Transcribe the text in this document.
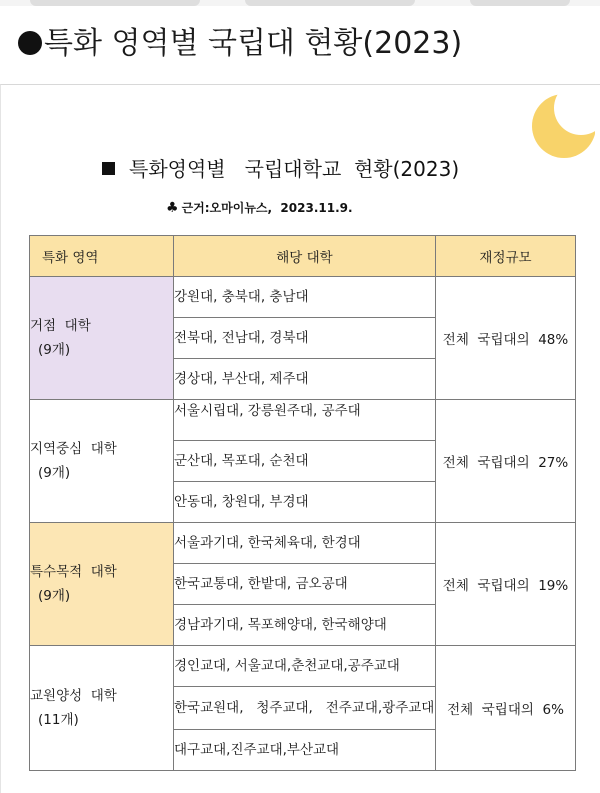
특화 영역별 국립대 현황(2023)
특화영역별   국립대학교  현황(2023)
♣ 근거:오마이뉴스,  2023.11.9.
특화 영역	해당 대학	재정규모
거점  대학
(9개)	강원대, 충북대, 충남대	전체  국립대의  48%
	전북대, 전남대, 경북대	
	경상대, 부산대, 제주대	
지역중심  대학
(9개)	서울시립대, 강릉원주대, 공주대	전체  국립대의  27%
	군산대, 목포대, 순천대	
	안동대, 창원대, 부경대	
특수목적  대학
(9개)	서울과기대, 한국체육대, 한경대	전체  국립대의  19%
	한국교통대, 한밭대, 금오공대	
	경남과기대, 목포해양대, 한국해양대	
교원양성  대학
(11개)	경인교대, 서울교대,춘천교대,공주교대	전체  국립대의  6%
	한국교원대,   청주교대,   전주교대,광주교대	
	대구교대,진주교대,부산교대	
